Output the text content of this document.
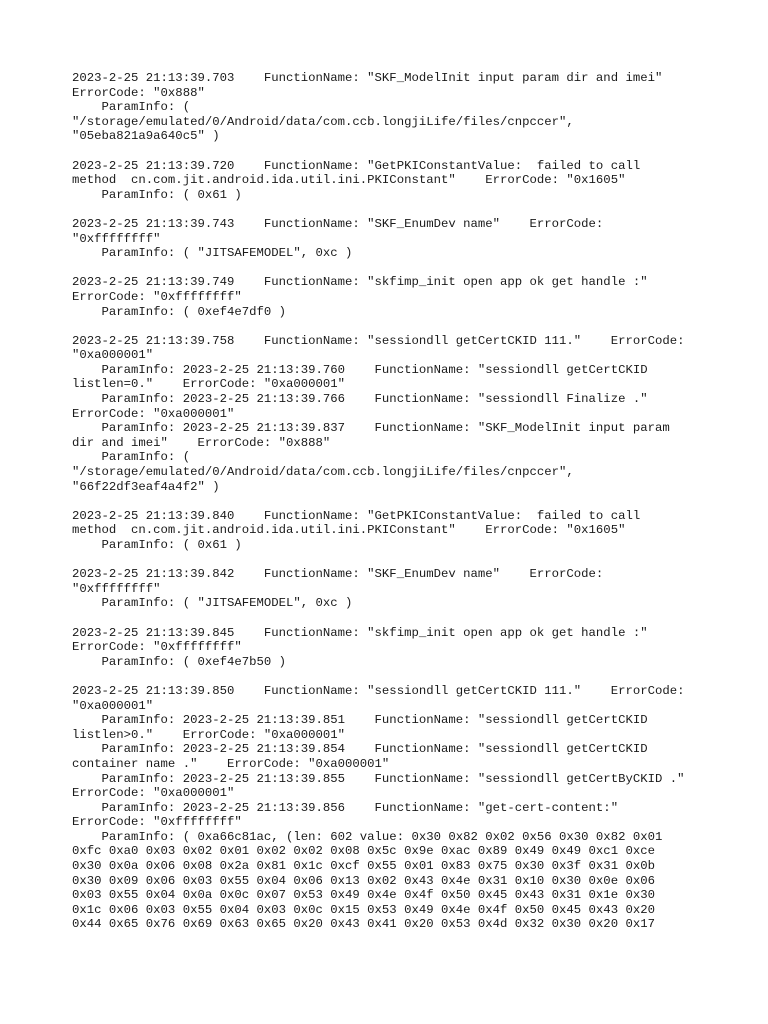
2023-2-25 21:13:39.703    FunctionName: "SKF_ModelInit input param dir and imei"
ErrorCode: "0x888"
ParamInfo: (
"/storage/emulated/0/Android/data/com.ccb.longjiLife/files/cnpccer",
"05eba821a9a640c5" )
2023-2-25 21:13:39.720    FunctionName: "GetPKIConstantValue:  failed to call
method  cn.com.jit.android.ida.util.ini.PKIConstant"    ErrorCode: "0x1605"
ParamInfo: ( 0x61 )
2023-2-25 21:13:39.743    FunctionName: "SKF_EnumDev name"    ErrorCode:
"0xffffffff"
ParamInfo: ( "JITSAFEMODEL", 0xc )
2023-2-25 21:13:39.749    FunctionName: "skfimp_init open app ok get handle :"
ErrorCode: "0xffffffff"
ParamInfo: ( 0xef4e7df0 )
2023-2-25 21:13:39.758    FunctionName: "sessiondll getCertCKID 111."    ErrorCode:
"0xa000001"
ParamInfo: 2023-2-25 21:13:39.760    FunctionName: "sessiondll getCertCKID
listlen=0."    ErrorCode: "0xa000001"
ParamInfo: 2023-2-25 21:13:39.766    FunctionName: "sessiondll Finalize ."
ErrorCode: "0xa000001"
ParamInfo: 2023-2-25 21:13:39.837    FunctionName: "SKF_ModelInit input param
dir and imei"    ErrorCode: "0x888"
ParamInfo: (
"/storage/emulated/0/Android/data/com.ccb.longjiLife/files/cnpccer",
"66f22df3eaf4a4f2" )
2023-2-25 21:13:39.840    FunctionName: "GetPKIConstantValue:  failed to call
method  cn.com.jit.android.ida.util.ini.PKIConstant"    ErrorCode: "0x1605"
ParamInfo: ( 0x61 )
2023-2-25 21:13:39.842    FunctionName: "SKF_EnumDev name"    ErrorCode:
"0xffffffff"
ParamInfo: ( "JITSAFEMODEL", 0xc )
2023-2-25 21:13:39.845    FunctionName: "skfimp_init open app ok get handle :"
ErrorCode: "0xffffffff"
ParamInfo: ( 0xef4e7b50 )
2023-2-25 21:13:39.850    FunctionName: "sessiondll getCertCKID 111."    ErrorCode:
"0xa000001"
ParamInfo: 2023-2-25 21:13:39.851    FunctionName: "sessiondll getCertCKID
listlen>0."    ErrorCode: "0xa000001"
ParamInfo: 2023-2-25 21:13:39.854    FunctionName: "sessiondll getCertCKID
container name ."    ErrorCode: "0xa000001"
ParamInfo: 2023-2-25 21:13:39.855    FunctionName: "sessiondll getCertByCKID ."
ErrorCode: "0xa000001"
ParamInfo: 2023-2-25 21:13:39.856    FunctionName: "get-cert-content:"
ErrorCode: "0xffffffff"
ParamInfo: ( 0xa66c81ac, (len: 602 value: 0x30 0x82 0x02 0x56 0x30 0x82 0x01
0xfc 0xa0 0x03 0x02 0x01 0x02 0x02 0x08 0x5c 0x9e 0xac 0x89 0x49 0x49 0xc1 0xce
0x30 0x0a 0x06 0x08 0x2a 0x81 0x1c 0xcf 0x55 0x01 0x83 0x75 0x30 0x3f 0x31 0x0b
0x30 0x09 0x06 0x03 0x55 0x04 0x06 0x13 0x02 0x43 0x4e 0x31 0x10 0x30 0x0e 0x06
0x03 0x55 0x04 0x0a 0x0c 0x07 0x53 0x49 0x4e 0x4f 0x50 0x45 0x43 0x31 0x1e 0x30
0x1c 0x06 0x03 0x55 0x04 0x03 0x0c 0x15 0x53 0x49 0x4e 0x4f 0x50 0x45 0x43 0x20
0x44 0x65 0x76 0x69 0x63 0x65 0x20 0x43 0x41 0x20 0x53 0x4d 0x32 0x30 0x20 0x17
